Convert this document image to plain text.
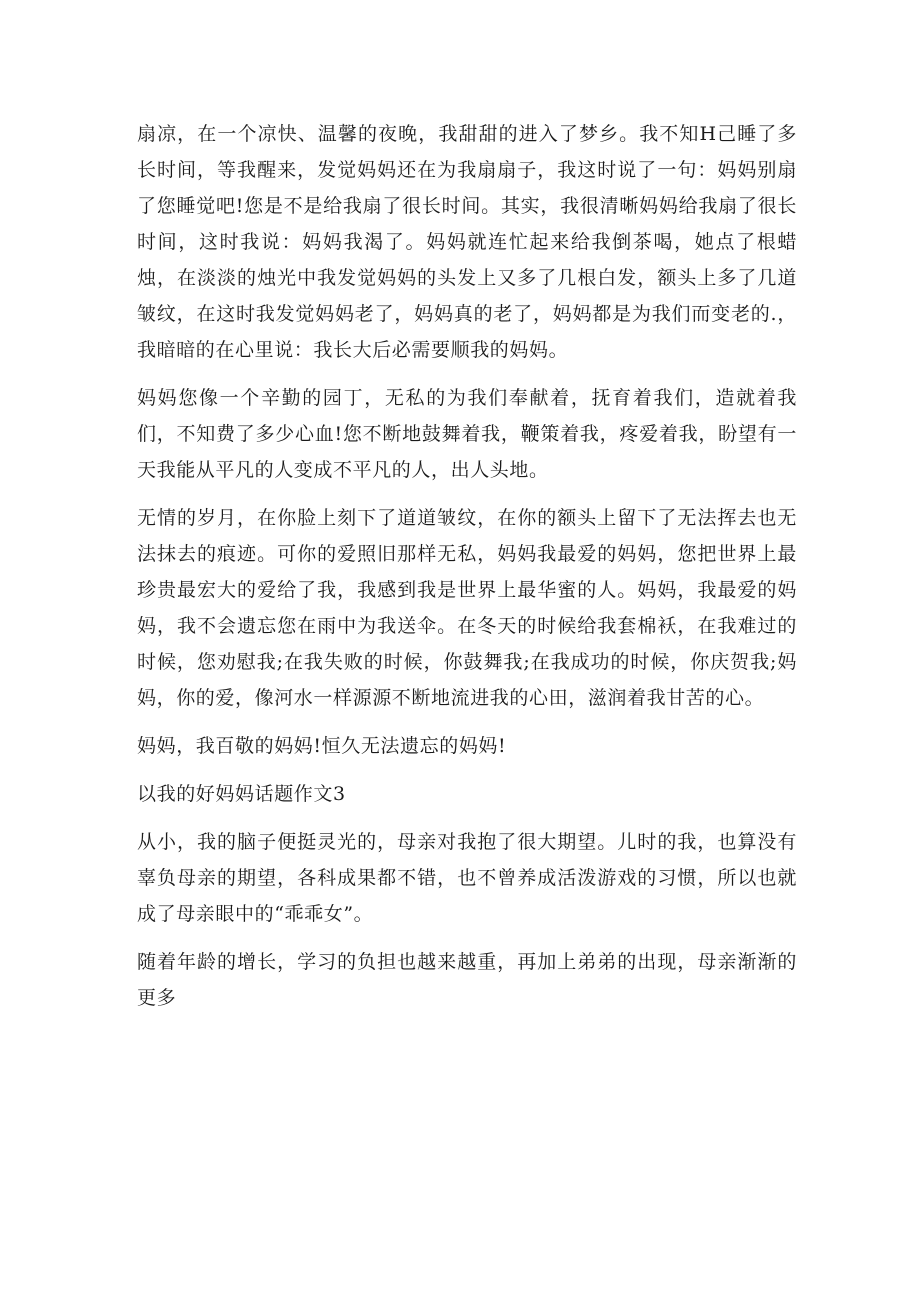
扇凉，在一个凉快、温馨的夜晚，我甜甜的进入了梦乡。我不知H己睡了多长时间，等我醒来，发觉妈妈还在为我扇扇子，我这时说了一句：妈妈别扇了您睡觉吧!您是不是给我扇了很长时间。其实，我很清晰妈妈给我扇了很长时间，这时我说：妈妈我渴了。妈妈就连忙起来给我倒茶喝，她点了根蜡烛，在淡淡的烛光中我发觉妈妈的头发上又多了几根白发，额头上多了几道皱纹，在这时我发觉妈妈老了，妈妈真的老了，妈妈都是为我们而变老的.，我暗暗的在心里说：我长大后必需要顺我的妈妈。

妈妈您像一个辛勤的园丁，无私的为我们奉献着，抚育着我们，造就着我们，不知费了多少心血!您不断地鼓舞着我，鞭策着我，疼爱着我，盼望有一天我能从平凡的人变成不平凡的人，出人头地。

无情的岁月，在你脸上刻下了道道皱纹，在你的额头上留下了无法挥去也无法抹去的痕迹。可你的爱照旧那样无私，妈妈我最爱的妈妈，您把世界上最珍贵最宏大的爱给了我，我感到我是世界上最华蜜的人。妈妈，我最爱的妈妈，我不会遗忘您在雨中为我送伞。在冬天的时候给我套棉袄，在我难过的时候，您劝慰我;在我失败的时候，你鼓舞我;在我成功的时候，你庆贺我;妈妈，你的爱，像河水一样源源不断地流进我的心田，滋润着我甘苦的心。

妈妈，我百敬的妈妈!恒久无法遗忘的妈妈!

以我的好妈妈话题作文3

从小，我的脑子便挺灵光的，母亲对我抱了很大期望。儿时的我，也算没有辜负母亲的期望，各科成果都不错，也不曾养成活泼游戏的习惯，所以也就成了母亲眼中的“乖乖女”。

随着年龄的增长，学习的负担也越来越重，再加上弟弟的出现，母亲渐渐的更多
